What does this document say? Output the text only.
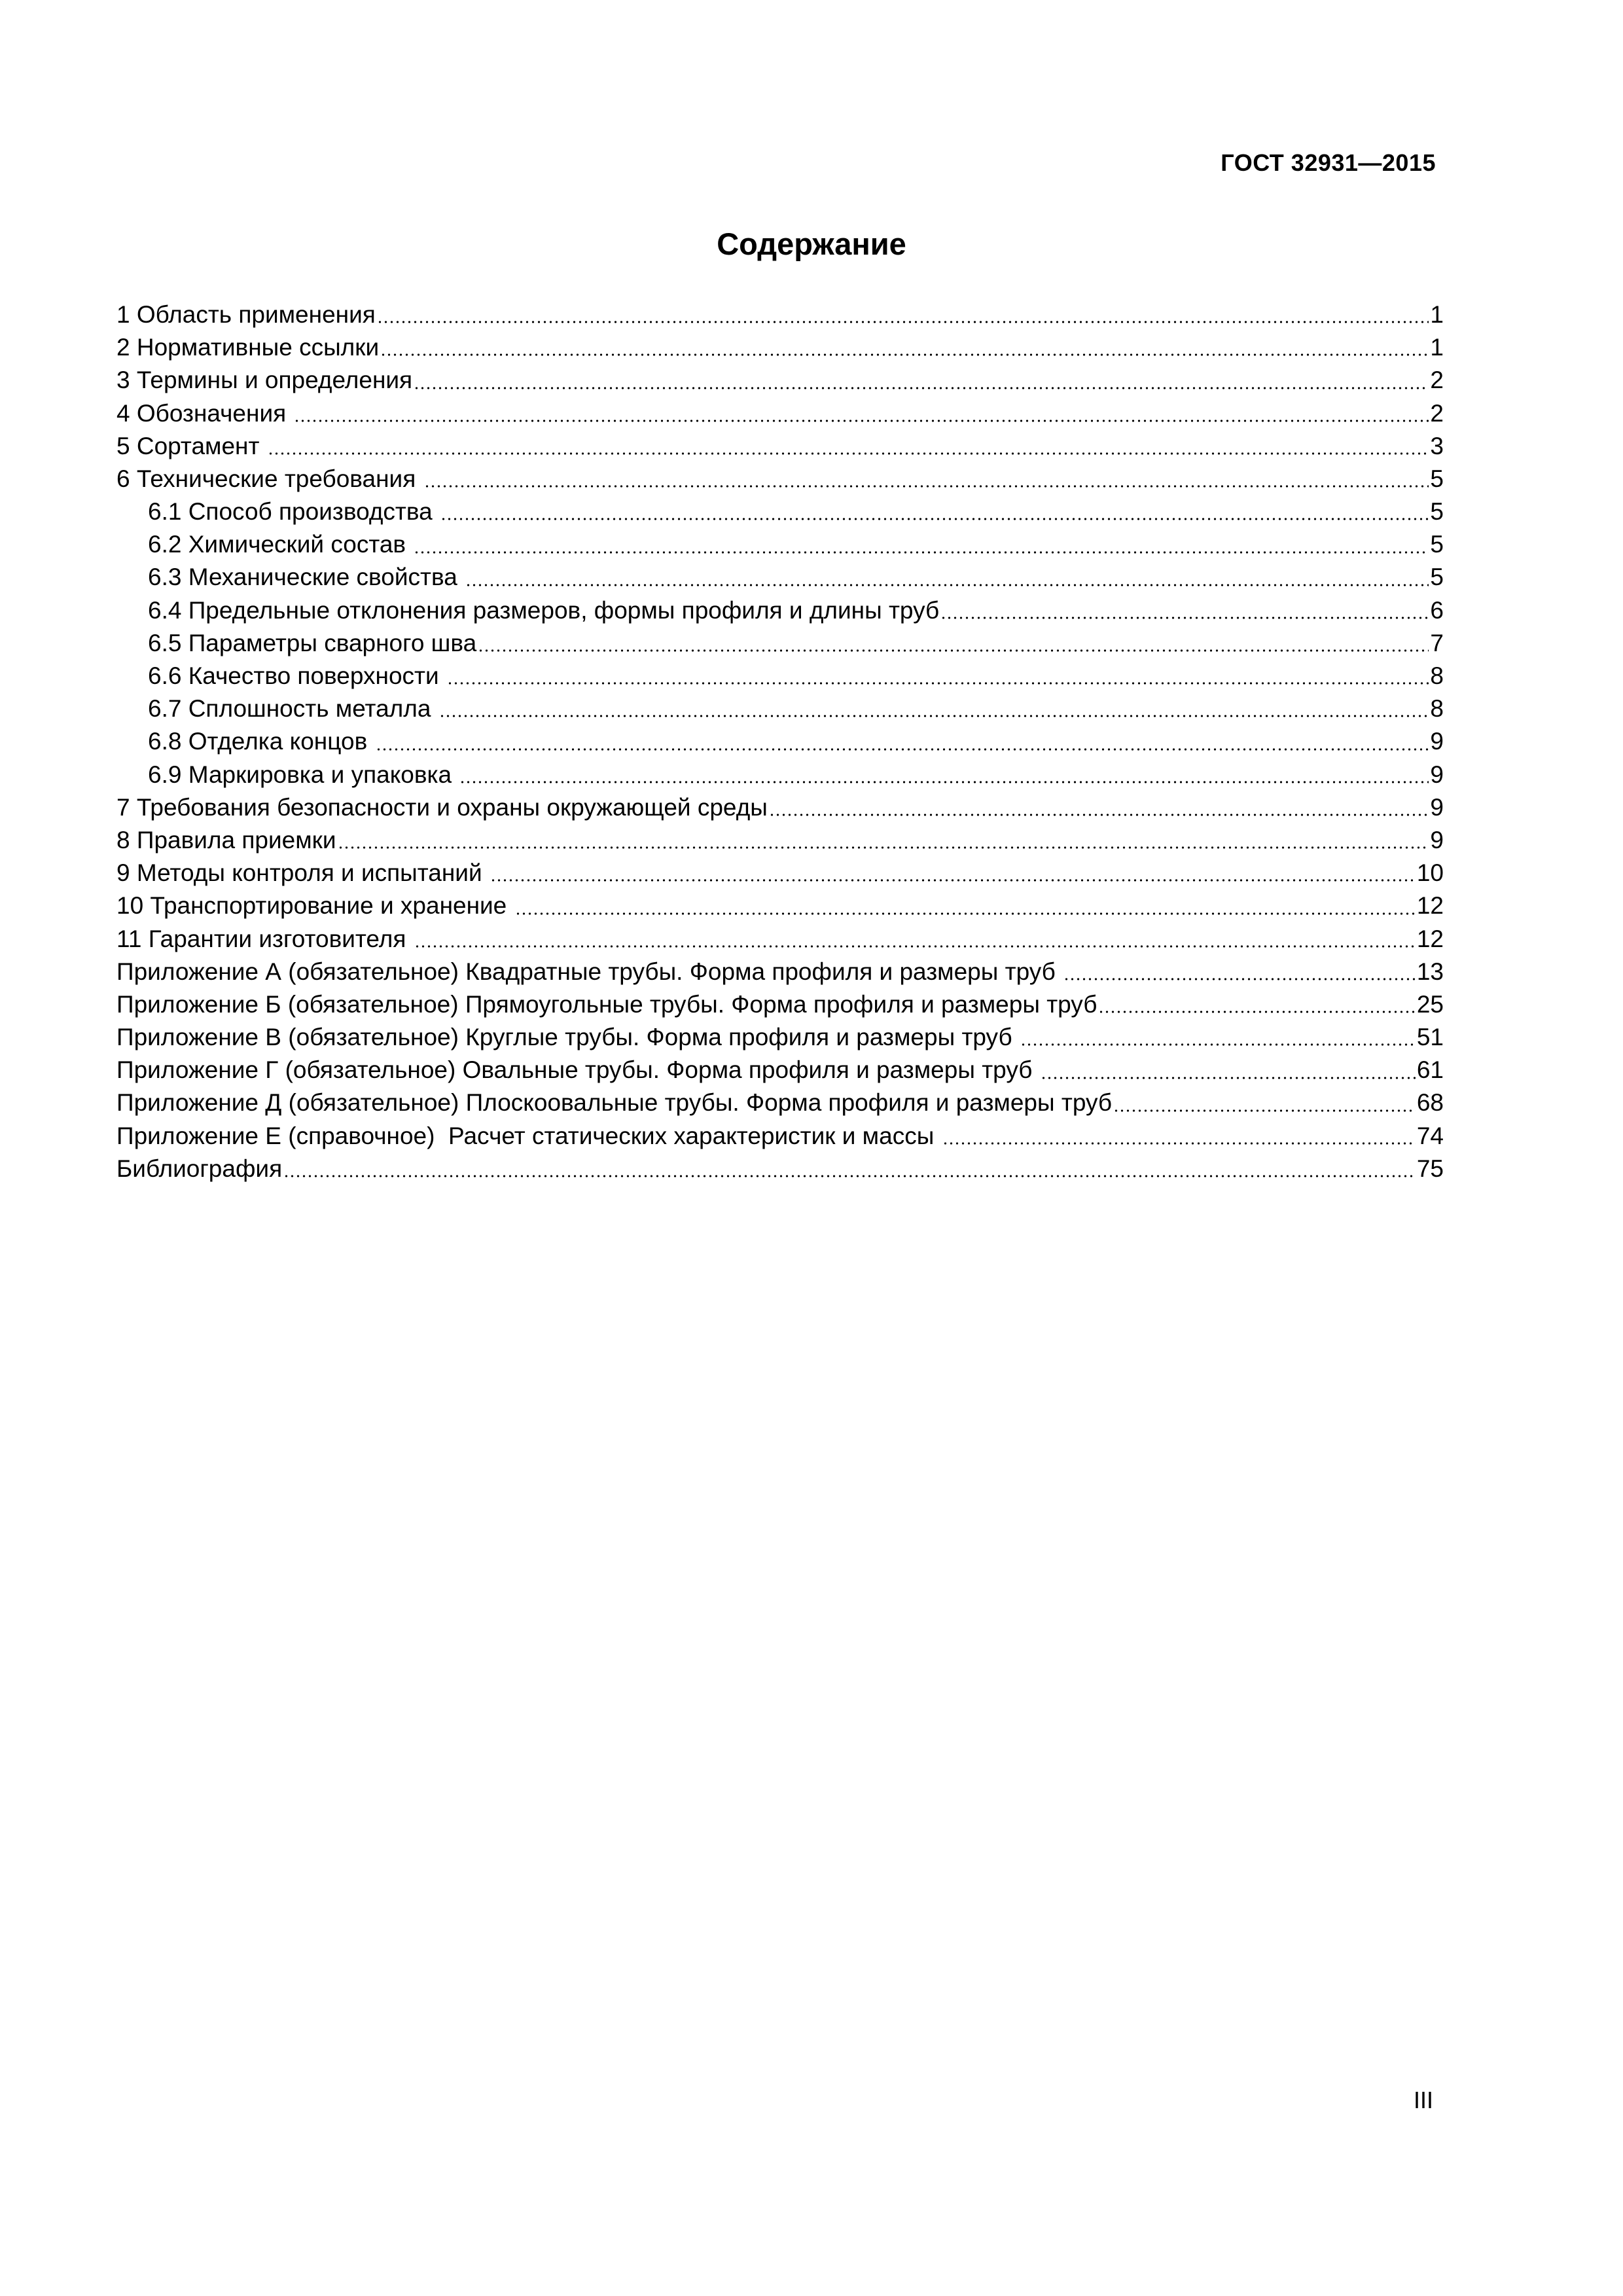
ГОСТ 32931—2015
Содержание
1 Область применения	1
2 Нормативные ссылки	1
3 Термины и определения	2
4 Обозначения	2
5 Сортамент	3
6 Технические требования	5
6.1 Способ производства	5
6.2 Химический состав	5
6.3 Механические свойства	5
6.4 Предельные отклонения размеров, формы профиля и длины труб	6
6.5 Параметры сварного шва	7
6.6 Качество поверхности	8
6.7 Сплошность металла	8
6.8 Отделка концов	9
6.9 Маркировка и упаковка	9
7 Требования безопасности и охраны окружающей среды	9
8 Правила приемки	9
9 Методы контроля и испытаний	10
10 Транспортирование и хранение	12
11 Гарантии изготовителя	12
Приложение А (обязательное) Квадратные трубы. Форма профиля и размеры труб	13
Приложение Б (обязательное) Прямоугольные трубы. Форма профиля и размеры труб	25
Приложение В (обязательное) Круглые трубы. Форма профиля и размеры труб	51
Приложение Г (обязательное) Овальные трубы. Форма профиля и размеры труб	61
Приложение Д (обязательное) Плоскоовальные трубы. Форма профиля и размеры труб	68
Приложение Е (справочное)  Расчет статических характеристик и массы	74
Библиография	75
III
